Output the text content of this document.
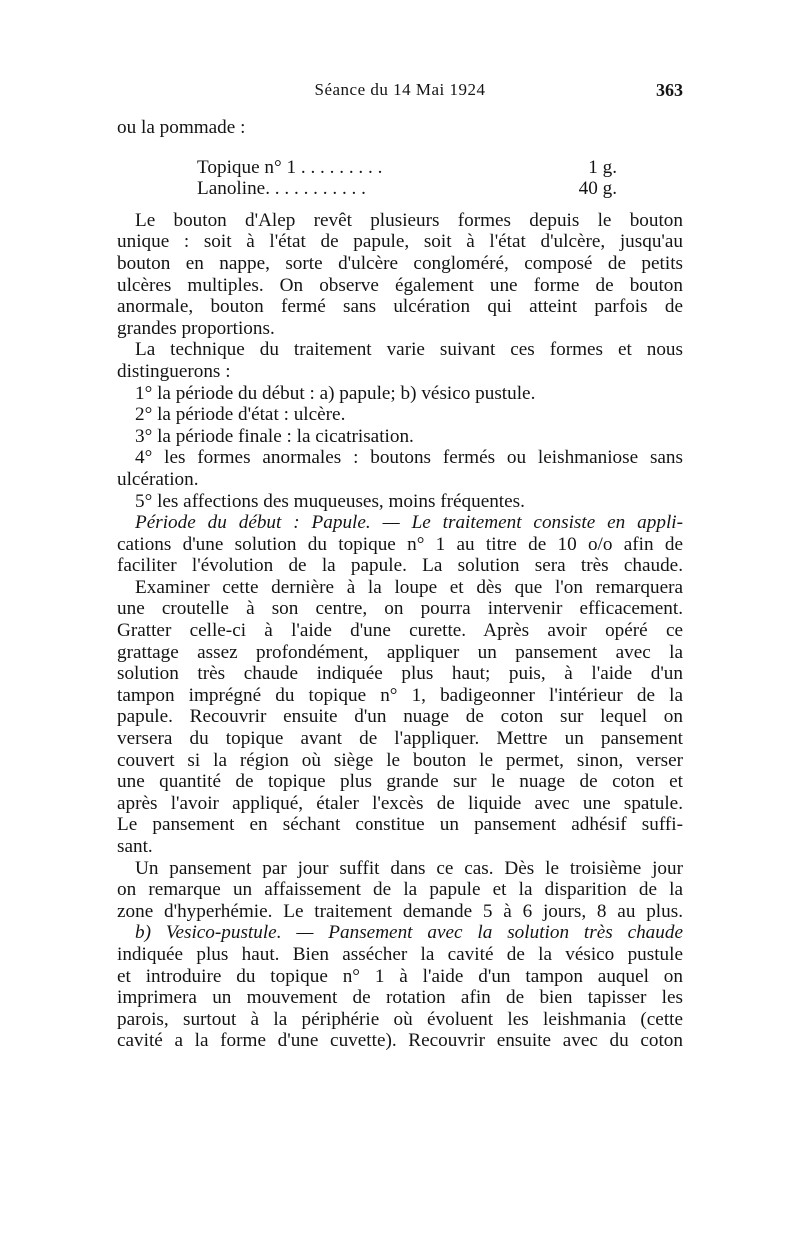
Séance du 14 Mai 1924	363
ou la pommade :
Topique n° 1 . . . . . . . . .	1 g.
Lanoline. . . . . . . . . . .	40 g.
Le bouton d'Alep revêt plusieurs formes depuis le bouton
unique : soit à l'état de papule, soit à l'état d'ulcère, jusqu'au
bouton en nappe, sorte d'ulcère congloméré, composé de petits
ulcères multiples. On observe également une forme de bouton
anormale, bouton fermé sans ulcération qui atteint parfois de
grandes proportions.
La technique du traitement varie suivant ces formes et nous
distinguerons :
1° la période du début : a) papule; b) vésico pustule.
2° la période d'état : ulcère.
3° la période finale : la cicatrisation.
4° les formes anormales : boutons fermés ou leishmaniose sans
ulcération.
5° les affections des muqueuses, moins fréquentes.
Période du début : Papule. — Le traitement consiste en appli-
cations d'une solution du topique n° 1 au titre de 10 o/o afin de
faciliter l'évolution de la papule. La solution sera très chaude.
Examiner cette dernière à la loupe et dès que l'on remarquera
une croutelle à son centre, on pourra intervenir efficacement.
Gratter celle-ci à l'aide d'une curette. Après avoir opéré ce
grattage assez profondément, appliquer un pansement avec la
solution très chaude indiquée plus haut; puis, à l'aide d'un
tampon imprégné du topique n° 1, badigeonner l'intérieur de la
papule. Recouvrir ensuite d'un nuage de coton sur lequel on
versera du topique avant de l'appliquer. Mettre un pansement
couvert si la région où siège le bouton le permet, sinon, verser
une quantité de topique plus grande sur le nuage de coton et
après l'avoir appliqué, étaler l'excès de liquide avec une spatule.
Le pansement en séchant constitue un pansement adhésif suffi-
sant.
Un pansement par jour suffit dans ce cas. Dès le troisième jour
on remarque un affaissement de la papule et la disparition de la
zone d'hyperhémie. Le traitement demande 5 à 6 jours, 8 au plus.
b) Vesico-pustule. — Pansement avec la solution très chaude
indiquée plus haut. Bien assécher la cavité de la vésico pustule
et introduire du topique n° 1 à l'aide d'un tampon auquel on
imprimera un mouvement de rotation afin de bien tapisser les
parois, surtout à la périphérie où évoluent les leishmania (cette
cavité a la forme d'une cuvette). Recouvrir ensuite avec du coton
